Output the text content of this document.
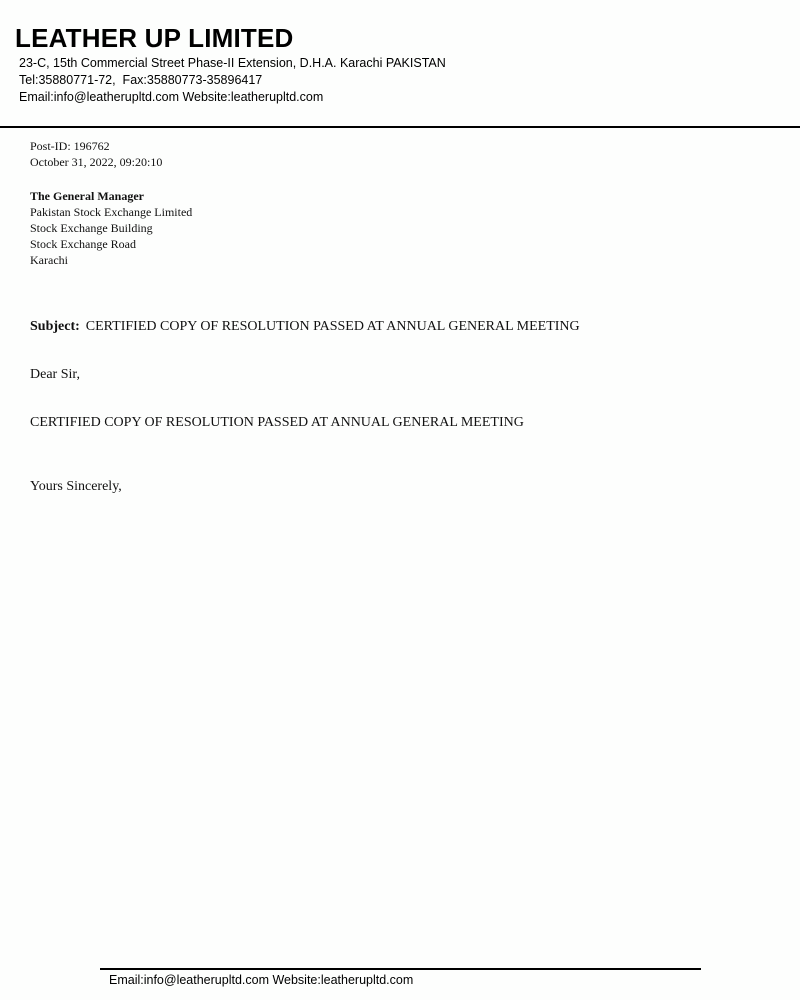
LEATHER UP LIMITED
23-C, 15th Commercial Street Phase-II Extension, D.H.A. Karachi PAKISTAN
Tel:35880771-72,  Fax:35880773-35896417
Email:info@leatherupltd.com Website:leatherupltd.com
Post-ID: 196762
October 31, 2022, 09:20:10
The General Manager
Pakistan Stock Exchange Limited
Stock Exchange Building
Stock Exchange Road
Karachi
Subject: CERTIFIED COPY OF RESOLUTION PASSED AT ANNUAL GENERAL MEETING
Dear Sir,
CERTIFIED COPY OF RESOLUTION PASSED AT ANNUAL GENERAL MEETING
Yours Sincerely,
Email:info@leatherupltd.com Website:leatherupltd.com
